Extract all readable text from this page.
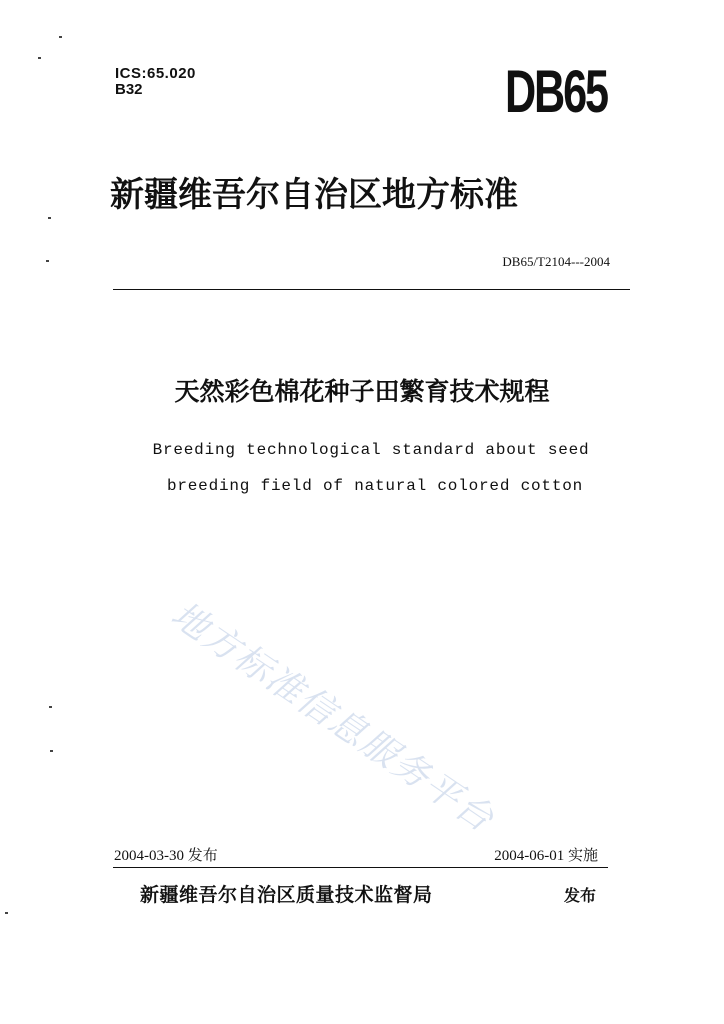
ICS:65.020
B32	DB65
新疆维吾尔自治区地方标准
DB65/T2104---2004
天然彩色棉花种子田繁育技术规程
Breeding technological standard about seed
breeding field of natural colored cotton
地方标准信息服务平台
2004-03-30 发布	2004-06-01 实施
新疆维吾尔自治区质量技术监督局	发布
